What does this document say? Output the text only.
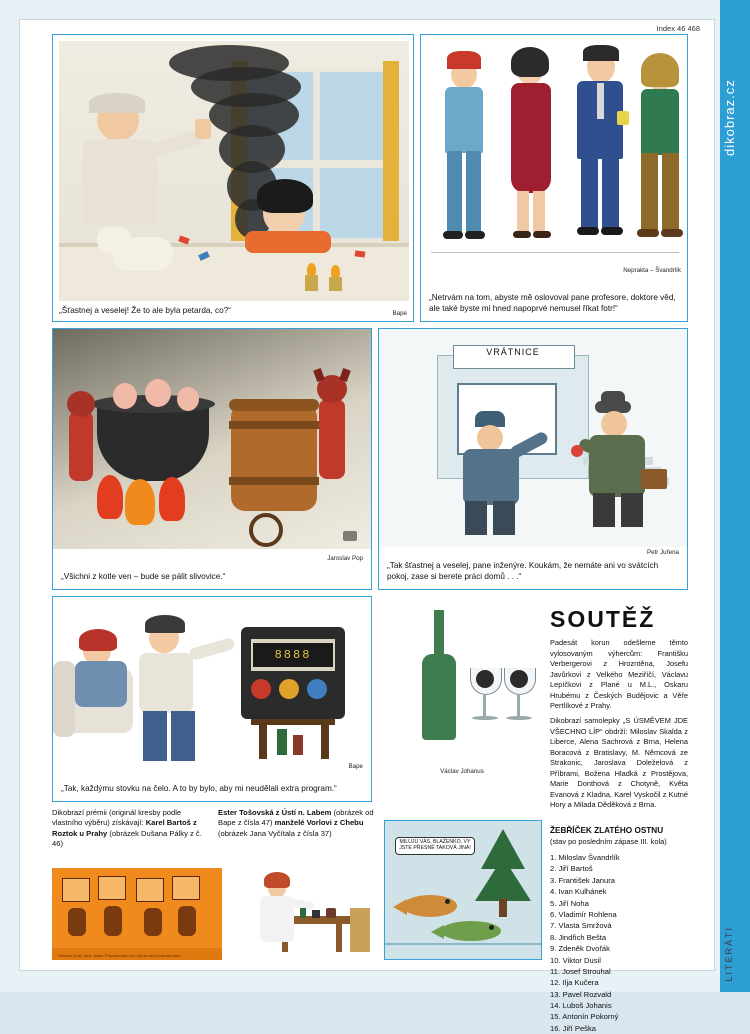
dikobraz.cz
LITERÁTI
Index 46 468
„Šťastnej a veselej! Že to ale byla petarda, co?“	Bape
Neprakta – Švandrlík
„Netrvám na tom, abyste mě oslovoval pane profesore, doktore věd, ale také byste mi hned napoprvé nemusel říkat fotr!“
„Všichni z kotle ven – bude se pálit slivovice.“
Jaroslav Pop
VRÁTNICE
Petr Juřena
„Tak šťastnej a veselej, pane inženýre. Koukám, že nemáte ani vo svátcích pokoj, zase si berete práci domů . . .“
8888
Bape
„Tak, každýmu stovku na čelo. A to by bylo, aby mi neudělali extra program.“
Václav Johanus
SOUTĚŽ
Padesát korun odešleme těmto vylosovaným výhercům: Františku Verbergerovi z Hrozntěna, Josefu Javůrkovi z Velkého Meziříčí, Václavu Lepíčkovi z Plané u M.L., Oskaru Hrubému z Českých Budějovic a Věře Pertlíkové z Prahy.
Dikobrazí samolepky „S ÚSMĚVEM JDE VŠECHNO LÍP“ obdrží: Miloslav Skalda z Liberce, Alena Sachrová z Brna, Helena Boracová z Bratislavy, M. Němcová ze Strakonic, Jaroslava Doleželová z Příbrami, Božena Hladká z Prostějova, Marie Donthová z Chotyně, Květa Evanová z Kladna, Karel Vyskočil z Kutné Hory a Milada Děděková z Brna.
ŽEBŘÍČEK ZLATÉHO OSTNU
(stav po posledním zápase III. kola)
1. Miloslav Švandrlík
2. Jiří Bartoš
3. František Janura
4. Ivan Kulhánek
5. Jiří Noha
6. Vladimír Rohlena
7. Vlasta Smržová
8. Jindřich Bešta
9. Zdeněk Dvořák
10. Viktor Dusil
11. Josef Strouhal
12. Ilja Kučera
13. Pavel Rozvald
14. Luboš Johanis
15. Antonín Pokorný
16. Jiří Peška
Dikobrazí prémii (originál kresby podle vlastního výběru) získávají: Karel Bartoš z Roztok u Prahy (obrázek Dušana Pálky z č. 46)
Ester Tošovská z Ústí n. Labem (obrázek od Bape z čísla 47) manželé Vorlovi z Chebu (obrázek Jana Vyčítala z čísla 37)
Obluzení koláž, kresl. Veška. Případka učlen lze, aby se nás konstrukce jako:
MILUJU VÁS, BLAŽENKO, VY JSTE PŘESNĚ TAKOVÁ JINÁ!
